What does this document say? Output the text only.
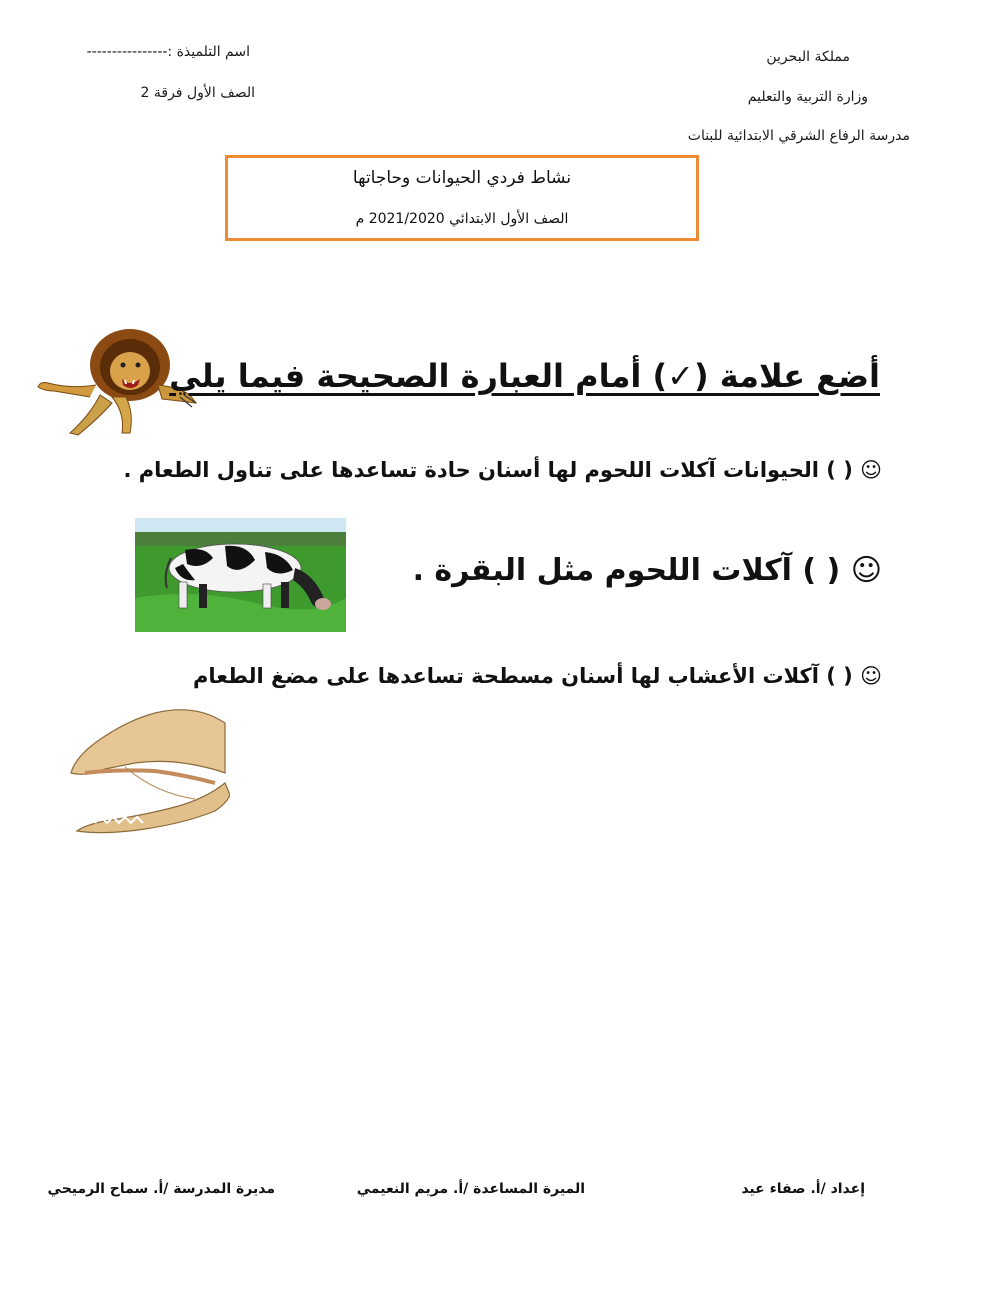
اسم التلميذة :----------------
الصف الأول فرقة 2
مملكة البحرين
وزارة التربية والتعليم
مدرسة الرفاع الشرقي الابتدائية للبنات
نشاط فردي الحيوانات وحاجاتها
الصف الأول الابتدائي 2021/2020 م
أضع علامة (✓) أمام العبارة الصحيحة فيما يلي
☺ ( ) الحيوانات آكلات اللحوم لها أسنان حادة تساعدها على تناول الطعام .
☺ ( ) آكلات اللحوم مثل البقرة .
☺ ( ) آكلات الأعشاب لها أسنان مسطحة تساعدها على مضغ الطعام
إعداد /أ. صفاء عيد
الميرة المساعدة /أ. مريم النعيمي
مديرة المدرسة /أ. سماح الرميحي
